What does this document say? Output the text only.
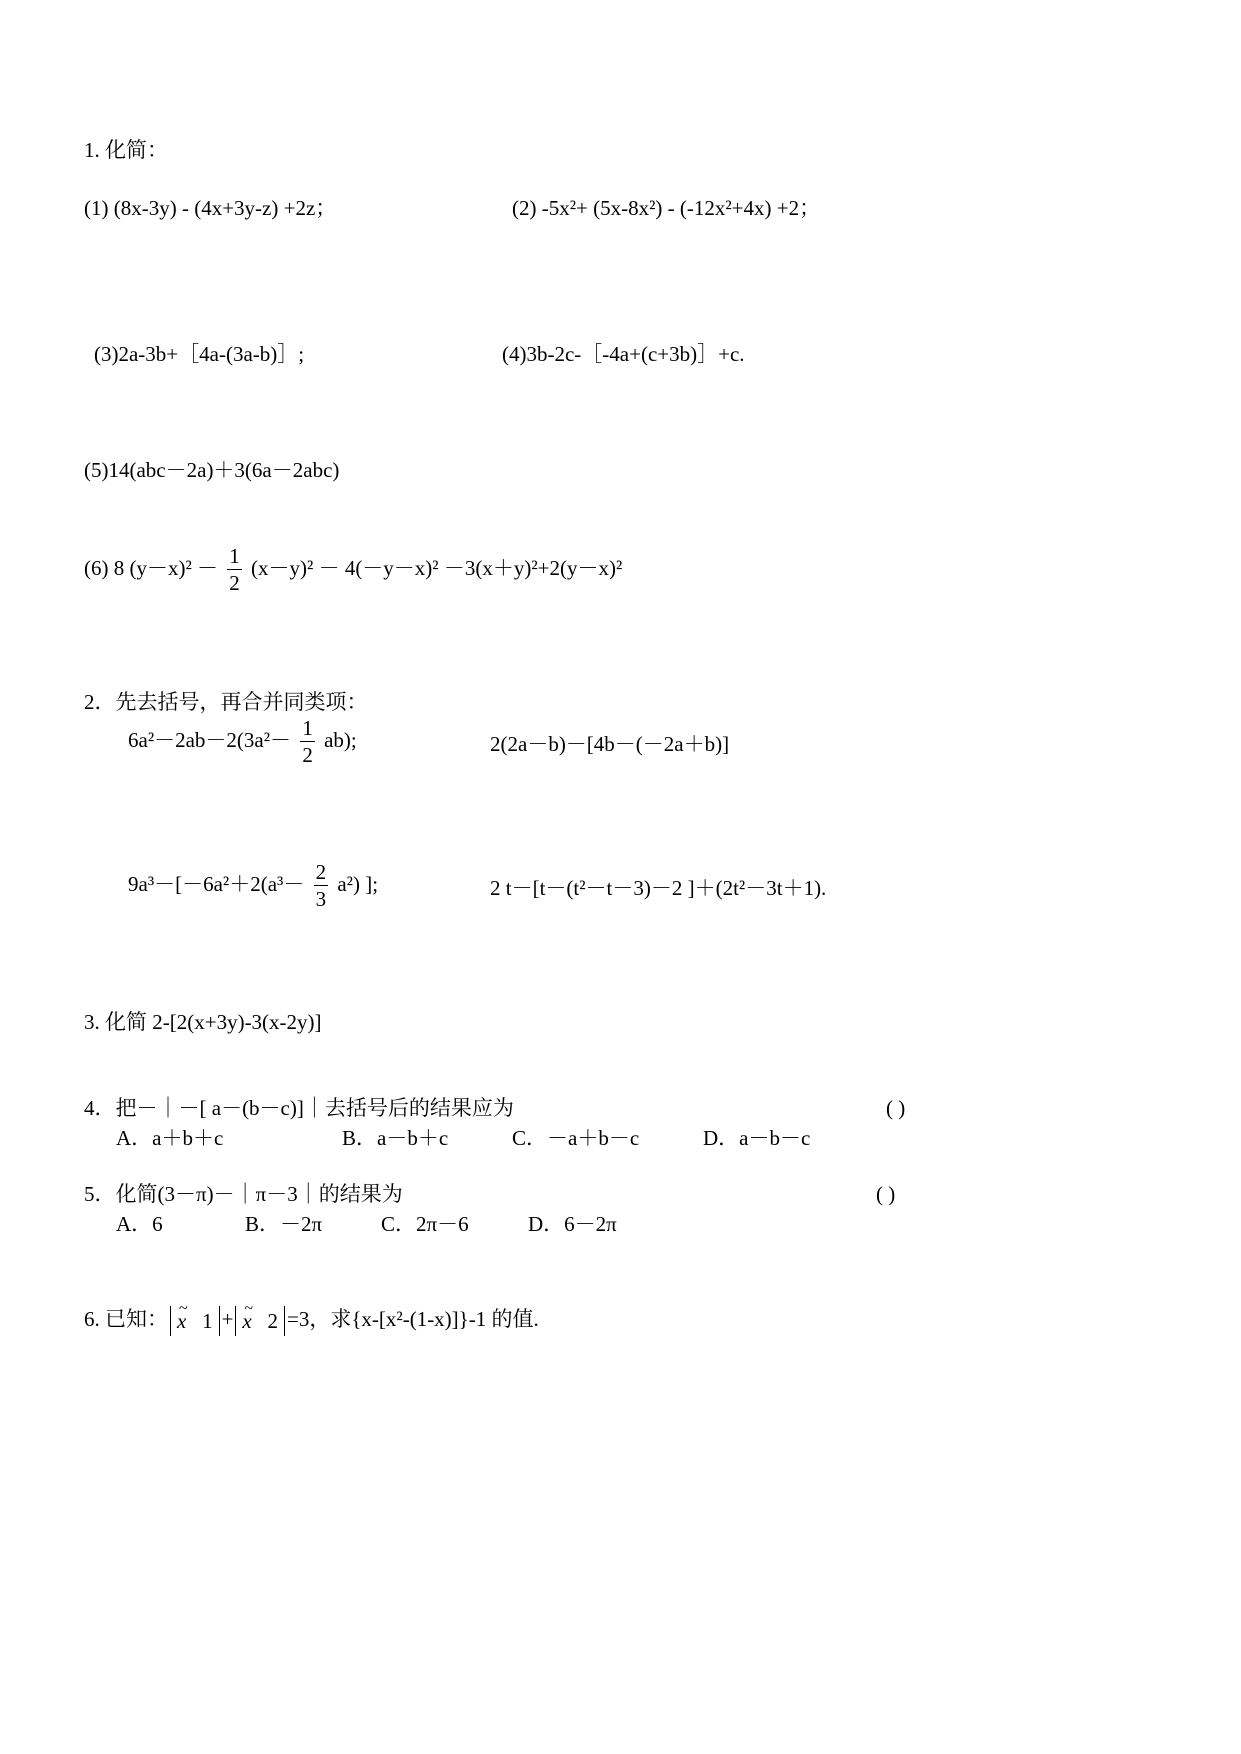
1. 化简：
(1) (8x-3y) - (4x+3y-z) +2z；	(2) -5x²+ (5x-8x²) - (-12x²+4x) +2；
(3)2a-3b+［4a-(3a-b)］;	(4)3b-2c-［-4a+(c+3b)］+c.
(5)14(abc－2a)＋3(6a－2abc)
(6) 8 $(y-x)^2 - \frac{1}{2} (x-y)^2 - 4(-y-x)^2 -3(x+y)^2+2(y-x)^2$
2．先去括号，再合并同类项：
$6a^2-2ab-2(3a^2- \frac{1}{2} ab)$;	2(2a－b)－[4b－(－2a＋b)]
$9a^3-[-6a^2+2(a^3- \frac{2}{3} a^2)$ ];	2 t－[t－(t²－t－3)－2 ]＋(2t²－3t＋1).
3. 化简 2-[2(x+3y)-3(x-2y)]
4．把－｜－[ a－(b－c)]｜去括号后的结果应为	( )
A．a＋b＋c	B．a－b＋c	C．－a＋b－c	D．a－b－c
5．化简(3－π)－｜π－3｜的结果为	( )
A．6	B．－2π	C．2π－6	D．6－2π
6. 已知： ~ x 1 + ~ x 2 =3，求{x-[x²-(1-x)]}-1 的值.
